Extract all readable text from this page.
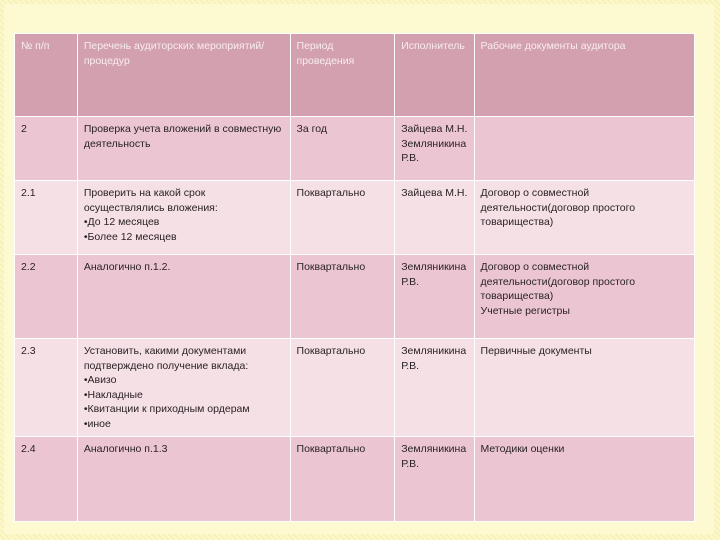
№ п/п	Перечень аудиторских мероприятий/процедур	Период проведения	Исполнитель	Рабочие документы аудитора
2	Проверка учета вложений в совместную деятельность	За год	Зайцева М.Н. Земляникина Р.В.	

2.1	Проверить на какой срок осуществлялись вложения:
•До 12 месяцев
•Более 12 месяцев	Поквартально	Зайцева М.Н.	Договор о совместной деятельности(договор простого товарищества)

2.2	Аналогично п.1.2.	Поквартально	Земляникина Р.В.	Договор о совместной деятельности(договор простого товарищества)
Учетные регистры

2.3	Установить, какими документами подтверждено получение вклада:
•Авизо
•Накладные
•Квитанции к приходным ордерам
•иное	Поквартально	Земляникина Р.В.	Первичные документы

2.4	Аналогично п.1.3	Поквартально	Земляникина Р.В.	Методики оценки
